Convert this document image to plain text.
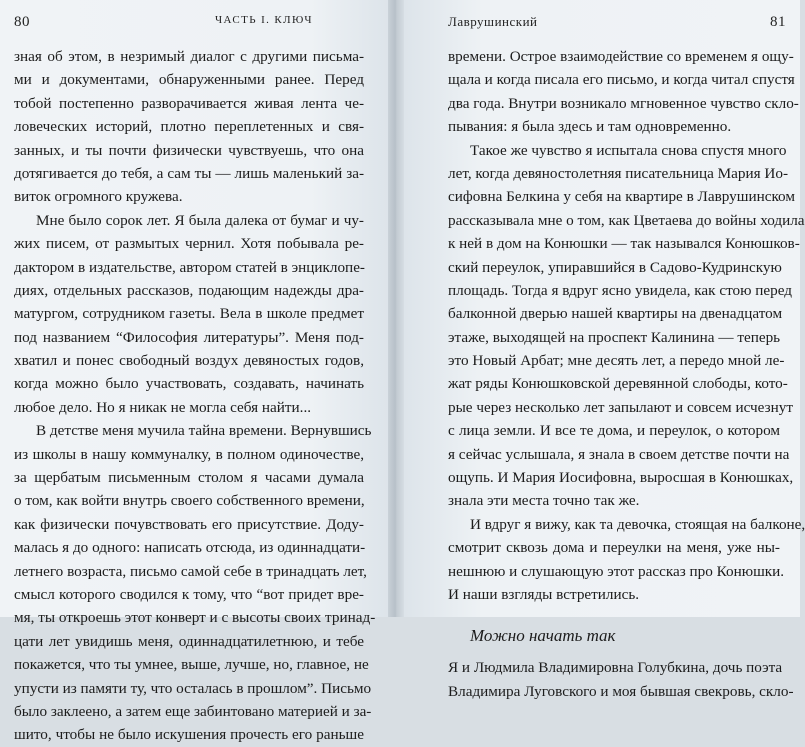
80	ЧАСТЬ I. КЛЮЧ
зная об этом, в незримый диалог с другими письма-
ми и документами, обнаруженными ранее. Перед
тобой постепенно разворачивается живая лента че-
ловеческих историй, плотно переплетенных и свя-
занных, и ты почти физически чувствуешь, что она
дотягивается до тебя, а сам ты — лишь маленький за-
виток огромного кружева.
Мне было сорок лет. Я была далека от бумаг и чу-
жих писем, от размытых чернил. Хотя побывала ре-
дактором в издательстве, автором статей в энциклопе-
диях, отдельных рассказов, подающим надежды дра-
матургом, сотрудником газеты. Вела в школе предмет
под названием “Философия литературы”. Меня под-
хватил и понес свободный воздух девяностых годов,
когда можно было участвовать, создавать, начинать
любое дело. Но я никак не могла себя найти...
В детстве меня мучила тайна времени. Вернувшись
из школы в нашу коммуналку, в полном одиночестве,
за щербатым письменным столом я часами думала
о том, как войти внутрь своего собственного времени,
как физически почувствовать его присутствие. Доду-
малась я до одного: написать отсюда, из одиннадцати-
летнего возраста, письмо самой себе в тринадцать лет,
смысл которого сводился к тому, что “вот придет вре-
мя, ты откроешь этот конверт и с высоты своих тринад-
цати лет увидишь меня, одиннадцатилетнюю, и тебе
покажется, что ты умнее, выше, лучше, но, главное, не
упусти из памяти ту, что осталась в прошлом”. Письмо
было заклеено, а затем еще забинтовано материей и за-
шито, чтобы не было искушения прочесть его раньше
Лаврушинский	81
времени. Острое взаимодействие со временем я ощу-
щала и когда писала его письмо, и когда читал спустя
два года. Внутри возникало мгновенное чувство скло-
пывания: я была здесь и там одновременно.
Такое же чувство я испытала снова спустя много
лет, когда девяностолетняя писательница Мария Ио-
сифовна Белкина у себя на квартире в Лаврушинском
рассказывала мне о том, как Цветаева до войны ходила
к ней в дом на Конюшки — так назывался Конюшков-
ский переулок, упиравшийся в Садово-Кудринскую
площадь. Тогда я вдруг ясно увидела, как стою перед
балконной дверью нашей квартиры на двенадцатом
этаже, выходящей на проспект Калинина — теперь
это Новый Арбат; мне десять лет, а передо мной ле-
жат ряды Конюшковской деревянной слободы, кото-
рые через несколько лет запылают и совсем исчезнут
с лица земли. И все те дома, и переулок, о котором
я сейчас услышала, я знала в своем детстве почти на
ощупь. И Мария Иосифовна, выросшая в Конюшках,
знала эти места точно так же.
И вдруг я вижу, как та девочка, стоящая на балконе,
смотрит сквозь дома и переулки на меня, уже ны-
нешнюю и слушающую этот рассказ про Конюшки.
И наши взгляды встретились.
Можно начать так
Я и Людмила Владимировна Голубкина, дочь поэта
Владимира Луговского и моя бывшая свекровь, скло-
